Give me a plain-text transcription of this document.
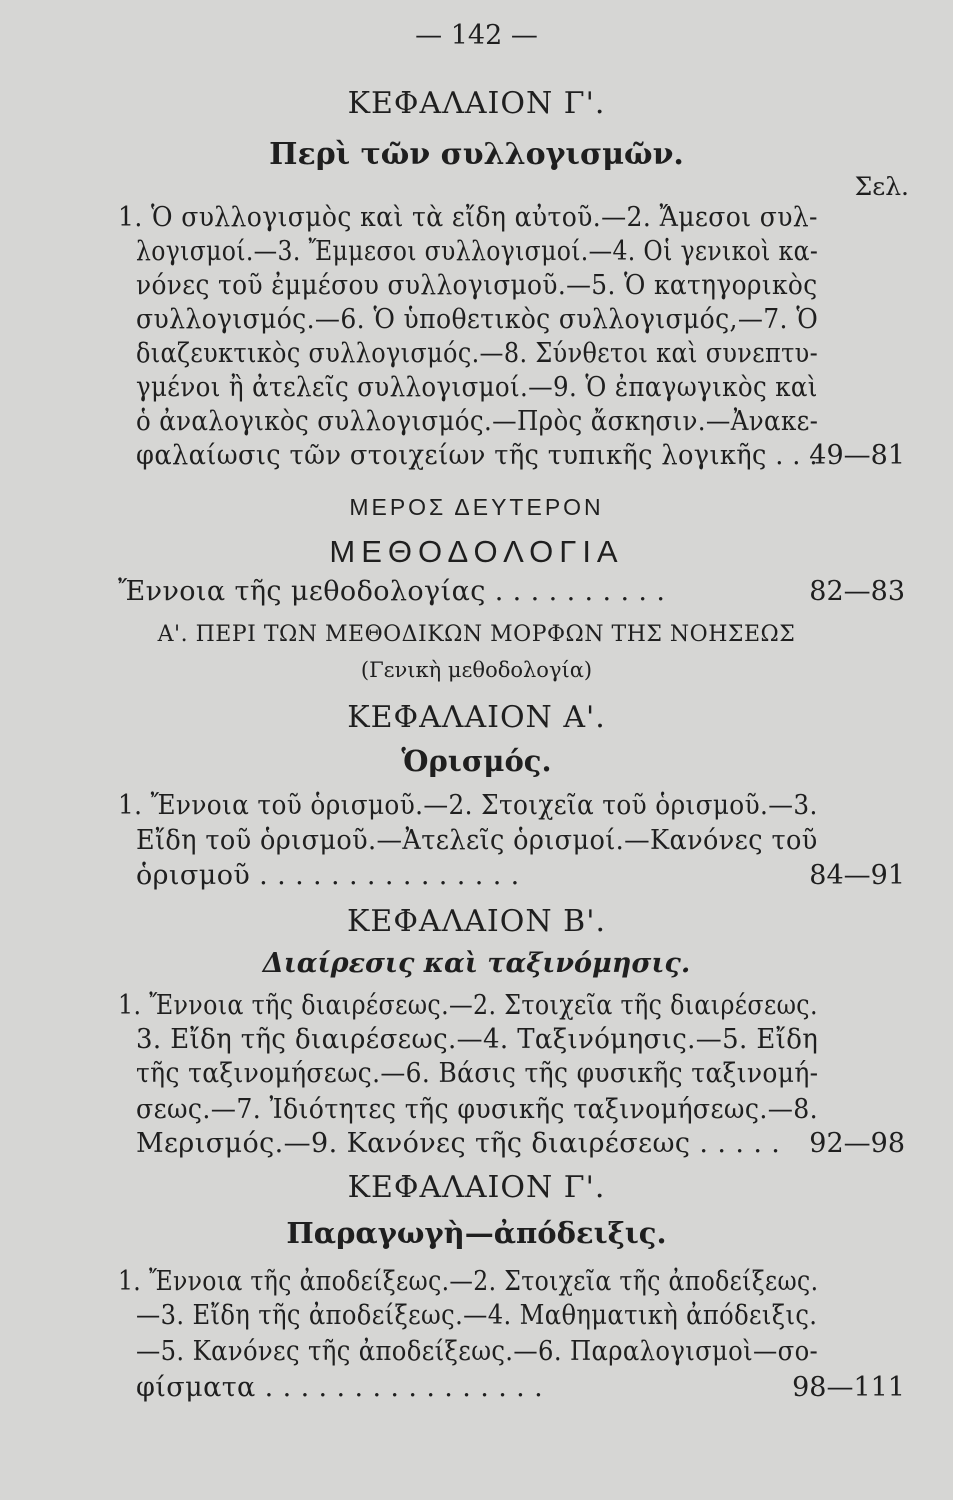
— 142 —
ΚΕΦΑΛΑΙΟΝ Γ'.
Περὶ τῶν συλλογισμῶν.
Σελ.
1. Ὁ συλλογισμὸς καὶ τὰ εἴδη αὐτοῦ.—2. Ἄμεσοι συλ-
λογισμοί.—3. Ἔμμεσοι συλλογισμοί.—4. Οἱ γενικοὶ κα-
νόνες τοῦ ἐμμέσου συλλογισμοῦ.—5. Ὁ κατηγορικὸς
συλλογισμός.—6. Ὁ ὑποθετικὸς συλλογισμός,—7. Ὁ
διαζευκτικὸς συλλογισμός.—8. Σύνθετοι καὶ συνεπτυ-
γμένοι ἢ ἀτελεῖς συλλογισμοί.—9. Ὁ ἐπαγωγικὸς καὶ
ὁ ἀναλογικὸς συλλογισμός.—Πρὸς ἄσκησιν.—Ἀνακε-
φαλαίωσις τῶν στοιχείων τῆς τυπικῆς λογικῆς . . .
49—81
ΜΕΡΟΣ ΔΕΥΤΕΡΟΝ
ΜΕΘΟΔΟΛΟΓΙΑ
Ἔννοια τῆς μεθοδολογίας . . . . . . . . . .	82—83
Α'. ΠΕΡΙ ΤΩΝ ΜΕΘΟΔΙΚΩΝ ΜΟΡΦΩΝ ΤΗΣ ΝΟΗΣΕΩΣ
(Γενικὴ μεθοδολογία)
ΚΕΦΑΛΑΙΟΝ Α'.
Ὁρισμός.
1. Ἔννοια τοῦ ὁρισμοῦ.—2. Στοιχεῖα τοῦ ὁρισμοῦ.—3.
Εἴδη τοῦ ὁρισμοῦ.—Ἀτελεῖς ὁρισμοί.—Κανόνες τοῦ
ὁρισμοῦ . . . . . . . . . . . . . . .	84—91
ΚΕΦΑΛΑΙΟΝ Β'.
Διαίρεσις καὶ ταξινόμησις.
1. Ἔννοια τῆς διαιρέσεως.—2. Στοιχεῖα τῆς διαιρέσεως.
3. Εἴδη τῆς διαιρέσεως.—4. Ταξινόμησις.—5. Εἴδη
τῆς ταξινομήσεως.—6. Βάσις τῆς φυσικῆς ταξινομή-
σεως.—7. Ἰδιότητες τῆς φυσικῆς ταξινομήσεως.—8.
Μερισμός.—9. Κανόνες τῆς διαιρέσεως . . . . . 92—98
ΚΕΦΑΛΑΙΟΝ Γ'.
Παραγωγὴ—ἀπόδειξις.
1. Ἔννοια τῆς ἀποδείξεως.—2. Στοιχεῖα τῆς ἀποδείξεως.
—3. Εἴδη τῆς ἀποδείξεως.—4. Μαθηματικὴ ἀπόδειξις.
—5. Κανόνες τῆς ἀποδείξεως.—6. Παραλογισμοὶ—σο-
φίσματα . . . . . . . . . . . . . . . .	98—111
